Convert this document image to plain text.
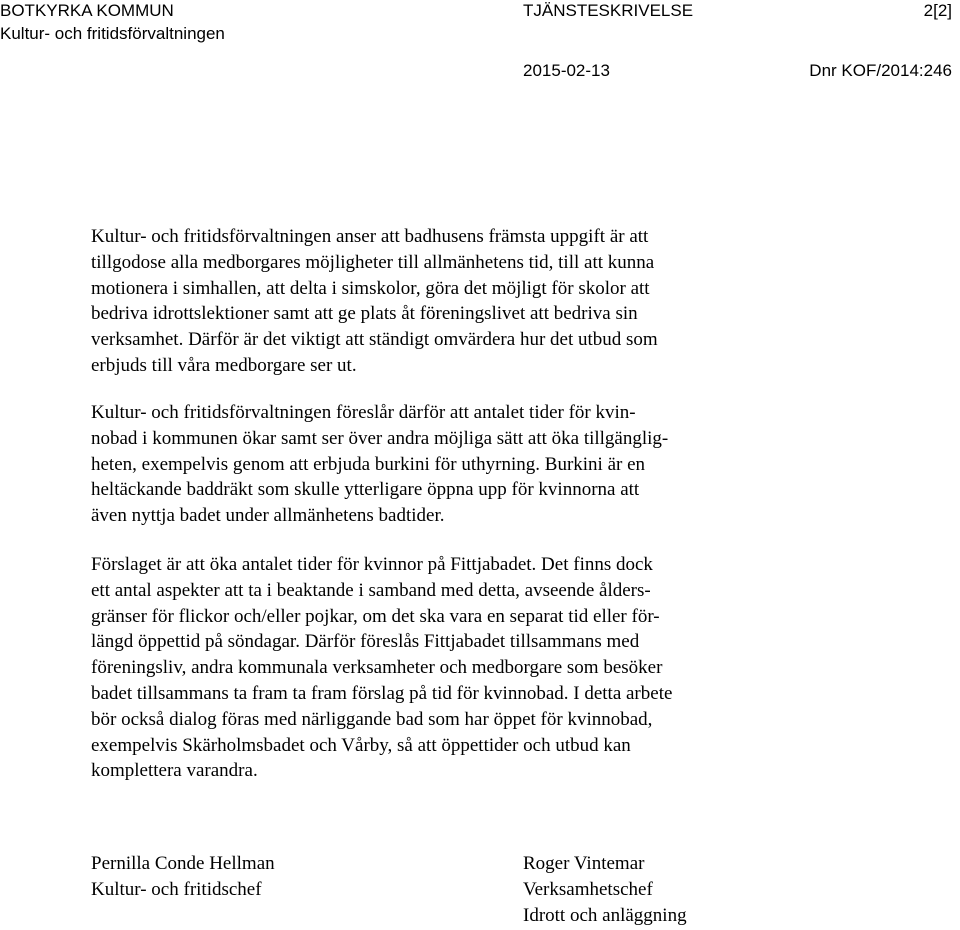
BOTKYRKA KOMMUN
Kultur- och fritidsförvaltningen
TJÄNSTESKRIVELSE	2[2]
2015-02-13	Dnr KOF/2014:246

Kultur- och fritidsförvaltningen anser att badhusens främsta uppgift är att
tillgodose alla medborgares möjligheter till allmänhetens tid, till att kunna
motionera i simhallen, att delta i simskolor, göra det möjligt för skolor att
bedriva idrottslektioner samt att ge plats åt föreningslivet att bedriva sin
verksamhet. Därför är det viktigt att ständigt omvärdera hur det utbud som
erbjuds till våra medborgare ser ut.

Kultur- och fritidsförvaltningen föreslår därför att antalet tider för kvin-
nobad i kommunen ökar samt ser över andra möjliga sätt att öka tillgänglig-
heten, exempelvis genom att erbjuda burkini för uthyrning. Burkini är en
heltäckande baddräkt som skulle ytterligare öppna upp för kvinnorna att
även nyttja badet under allmänhetens badtider.

Förslaget är att öka antalet tider för kvinnor på Fittjabadet. Det finns dock
ett antal aspekter att ta i beaktande i samband med detta, avseende ålders-
gränser för flickor och/eller pojkar, om det ska vara en separat tid eller för-
längd öppettid på söndagar. Därför föreslås Fittjabadet tillsammans med
föreningsliv, andra kommunala verksamheter och medborgare som besöker
badet tillsammans ta fram ta fram förslag på tid för kvinnobad. I detta arbete
bör också dialog föras med närliggande bad som har öppet för kvinnobad,
exempelvis Skärholmsbadet och Vårby, så att öppettider och utbud kan
komplettera varandra.

Pernilla Conde Hellman
Kultur- och fritidschef
Roger Vintemar
Verksamhetschef
Idrott och anläggning
